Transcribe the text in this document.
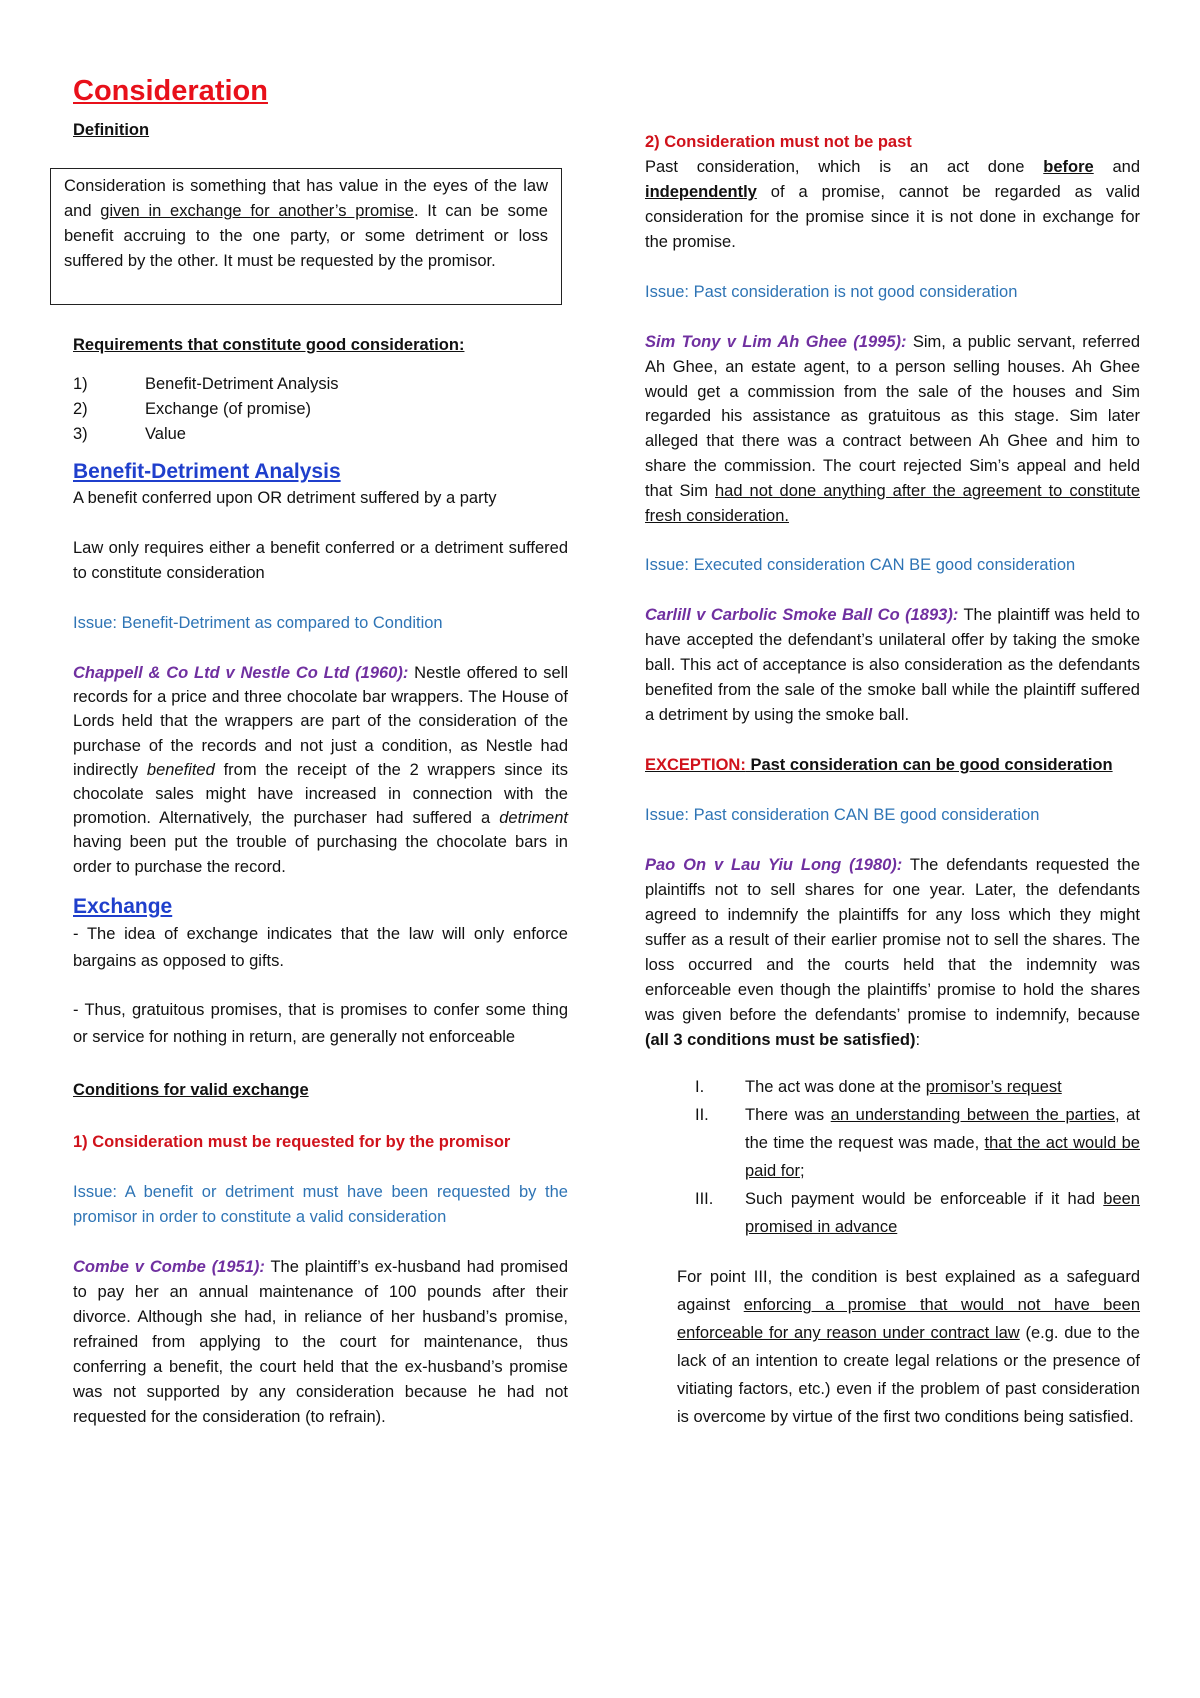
Consideration

Definition

Consideration is something that has value in the eyes of the law and given in exchange for another’s promise. It can be some benefit accruing to the one party, or some detriment or loss suffered by the other. It must be requested by the promisor.

Requirements that constitute good consideration:

1)	Benefit-Detriment Analysis
2)	Exchange (of promise)
3)	Value

Benefit-Detriment Analysis

A benefit conferred upon OR detriment suffered by a party

Law only requires either a benefit conferred or a detriment suffered to constitute consideration

Issue: Benefit-Detriment as compared to Condition

Chappell & Co Ltd v Nestle Co Ltd (1960): Nestle offered to sell records for a price and three chocolate bar wrappers. The House of Lords held that the wrappers are part of the consideration of the purchase of the records and not just a condition, as Nestle had indirectly benefited from the receipt of the 2 wrappers since its chocolate sales might have increased in connection with the promotion. Alternatively, the purchaser had suffered a detriment having been put the trouble of purchasing the chocolate bars in order to purchase the record.

Exchange

- The idea of exchange indicates that the law will only enforce bargains as opposed to gifts.

- Thus, gratuitous promises, that is promises to confer some thing or service for nothing in return, are generally not enforceable

Conditions for valid exchange

1) Consideration must be requested for by the promisor

Issue: A benefit or detriment must have been requested by the promisor in order to constitute a valid consideration

Combe v Combe (1951): The plaintiff’s ex-husband had promised to pay her an annual maintenance of 100 pounds after their divorce. Although she had, in reliance of her husband’s promise, refrained from applying to the court for maintenance, thus conferring a benefit, the court held that the ex-husband’s promise was not supported by any consideration because he had not requested for the consideration (to refrain).

2) Consideration must not be past

Past consideration, which is an act done before and independently of a promise, cannot be regarded as valid consideration for the promise since it is not done in exchange for the promise.

Issue: Past consideration is not good consideration

Sim Tony v Lim Ah Ghee (1995): Sim, a public servant, referred Ah Ghee, an estate agent, to a person selling houses. Ah Ghee would get a commission from the sale of the houses and Sim regarded his assistance as gratuitous as this stage. Sim later alleged that there was a contract between Ah Ghee and him to share the commission. The court rejected Sim’s appeal and held that Sim had not done anything after the agreement to constitute fresh consideration.

Issue: Executed consideration CAN BE good consideration

Carlill v Carbolic Smoke Ball Co (1893): The plaintiff was held to have accepted the defendant’s unilateral offer by taking the smoke ball. This act of acceptance is also consideration as the defendants benefited from the sale of the smoke ball while the plaintiff suffered a detriment by using the smoke ball.

EXCEPTION: Past consideration can be good consideration

Issue: Past consideration CAN BE good consideration

Pao On v Lau Yiu Long (1980): The defendants requested the plaintiffs not to sell shares for one year. Later, the defendants agreed to indemnify the plaintiffs for any loss which they might suffer as a result of their earlier promise not to sell the shares. The loss occurred and the courts held that the indemnity was enforceable even though the plaintiffs’ promise to hold the shares was given before the defendants’ promise to indemnify, because (all 3 conditions must be satisfied):

I.	The act was done at the promisor’s request
II.	There was an understanding between the parties, at the time the request was made, that the act would be paid for;
III.	Such payment would be enforceable if it had been promised in advance

For point III, the condition is best explained as a safeguard against enforcing a promise that would not have been enforceable for any reason under contract law (e.g. due to the lack of an intention to create legal relations or the presence of vitiating factors, etc.) even if the problem of past consideration is overcome by virtue of the first two conditions being satisfied.
